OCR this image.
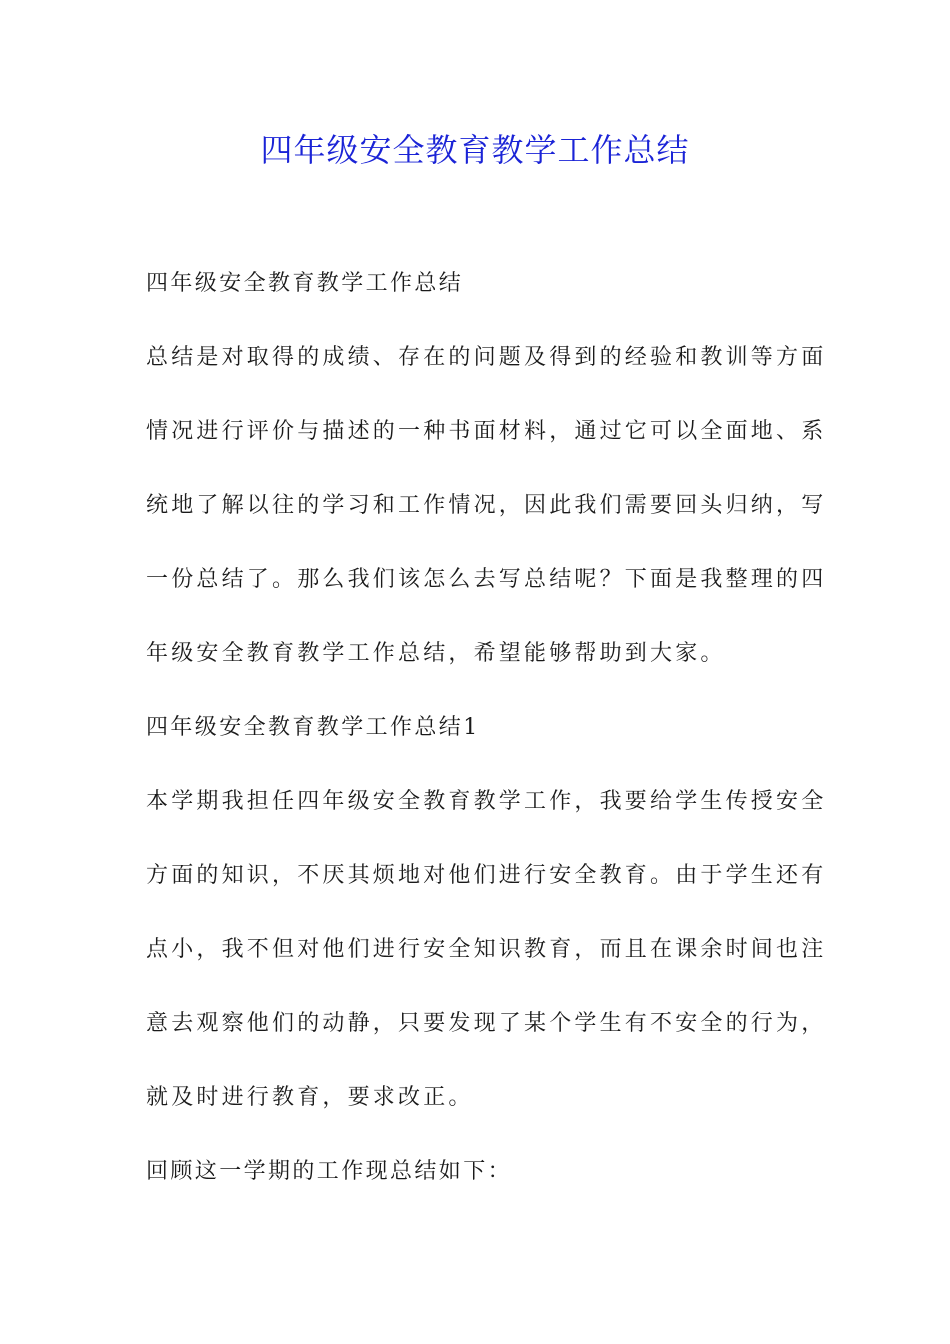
四年级安全教育教学工作总结
四年级安全教育教学工作总结
总结是对取得的成绩、存在的问题及得到的经验和教训等方面
情况进行评价与描述的一种书面材料，通过它可以全面地、系
统地了解以往的学习和工作情况，因此我们需要回头归纳，写
一份总结了。那么我们该怎么去写总结呢？下面是我整理的四
年级安全教育教学工作总结，希望能够帮助到大家。
四年级安全教育教学工作总结1
本学期我担任四年级安全教育教学工作，我要给学生传授安全
方面的知识，不厌其烦地对他们进行安全教育。由于学生还有
点小，我不但对他们进行安全知识教育，而且在课余时间也注
意去观察他们的动静，只要发现了某个学生有不安全的行为，
就及时进行教育，要求改正。
回顾这一学期的工作现总结如下：
